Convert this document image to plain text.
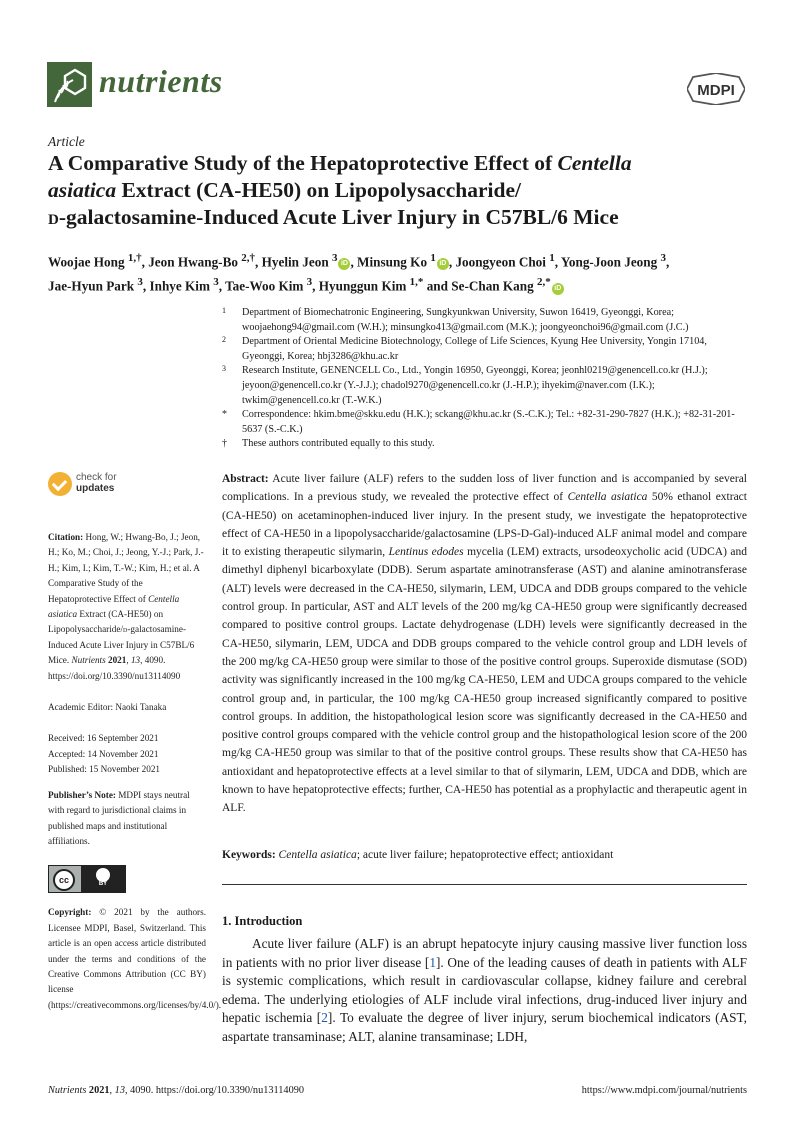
nutrients	MDPI
Article
A Comparative Study of the Hepatoprotective Effect of Centella
asiatica Extract (CA-HE50) on Lipopolysaccharide/
d-galactosamine-Induced Acute Liver Injury in C57BL/6 Mice
Woojae Hong $^{1,\dagger}$, Jeon Hwang-Bo $^{2,\dagger}$, Hyelin Jeon $^3$ iD , Minsung Ko $^1$ iD , Joongyeon Choi $^1$, Yong-Joon Jeong $^3$,
Jae-Hyun Park $^3$, Inhye Kim $^3$, Tae-Woo Kim $^3$, Hyunggun Kim $^{1,*}$ and Se-Chan Kang $^{2,*}$ iD
1 Department of Biomechatronic Engineering, Sungkyunkwan University, Suwon 16419, Gyeonggi, Korea; woojaehong94@gmail.com (W.H.); minsungko413@gmail.com (M.K.); joongyeonchoi96@gmail.com (J.C.)
2 Department of Oriental Medicine Biotechnology, College of Life Sciences, Kyung Hee University, Yongin 17104, Gyeonggi, Korea; hbj3286@khu.ac.kr
3 Research Institute, GENENCELL Co., Ltd., Yongin 16950, Gyeonggi, Korea; jeonhl0219@genencell.co.kr (H.J.); jeyoon@genencell.co.kr (Y.-J.J.); chadol9270@genencell.co.kr (J.-H.P.); ihyekim@naver.com (I.K.); twkim@genencell.co.kr (T.-W.K.)
* Correspondence: hkim.bme@skku.edu (H.K.); sckang@khu.ac.kr (S.-C.K.); Tel.: +82-31-290-7827 (H.K.); +82-31-201-5637 (S.-C.K.)
† These authors contributed equally to this study.
check for
updates

Citation: Hong, W.; Hwang-Bo, J.; Jeon, H.; Ko, M.; Choi, J.; Jeong, Y.-J.; Park, J.-H.; Kim, I.; Kim, T.-W.; Kim, H.; et al. A Comparative Study of the Hepatoprotective Effect of Centella asiatica Extract (CA-HE50) on Lipopolysaccharide/d-galactosamine-Induced Acute Liver Injury in C57BL/6 Mice. Nutrients 2021, 13, 4090. https://doi.org/10.3390/nu13114090

Academic Editor: Naoki Tanaka

Received: 16 September 2021
Accepted: 14 November 2021
Published: 15 November 2021

Publisher’s Note: MDPI stays neutral with regard to jurisdictional claims in published maps and institutional affiliations.

cc	BY

Copyright: © 2021 by the authors. Licensee MDPI, Basel, Switzerland. This article is an open access article distributed under the terms and conditions of the Creative Commons Attribution (CC BY) license (https://creativecommons.org/licenses/by/4.0/).

Abstract: Acute liver failure (ALF) refers to the sudden loss of liver function and is accompanied by several complications. In a previous study, we revealed the protective effect of Centella asiatica 50% ethanol extract (CA-HE50) on acetaminophen-induced liver injury. In the present study, we investigate the hepatoprotective effect of CA-HE50 in a lipopolysaccharide/galactosamine (LPS-D-Gal)-induced ALF animal model and compare it to existing therapeutic silymarin, Lentinus edodes mycelia (LEM) extracts, ursodeoxycholic acid (UDCA) and dimethyl diphenyl bicarboxylate (DDB). Serum aspartate aminotransferase (AST) and alanine aminotransferase (ALT) levels were decreased in the CA-HE50, silymarin, LEM, UDCA and DDB groups compared to the vehicle control group. In particular, AST and ALT levels of the 200 mg/kg CA-HE50 group were significantly decreased compared to positive control groups. Lactate dehydrogenase (LDH) levels were significantly decreased in the CA-HE50, silymarin, LEM, UDCA and DDB groups compared to the vehicle control group and LDH levels of the 200 mg/kg CA-HE50 group were similar to those of the positive control groups. Superoxide dismutase (SOD) activity was significantly increased in the 100 mg/kg CA-HE50, LEM and UDCA groups compared to the vehicle control group and, in particular, the 100 mg/kg CA-HE50 group increased significantly compared to positive control groups. In addition, the histopathological lesion score was significantly decreased in the CA-HE50 and positive control groups compared with the vehicle control group and the histopathological lesion score of the 200 mg/kg CA-HE50 group was similar to that of the positive control groups. These results show that CA-HE50 has antioxidant and hepatoprotective effects at a level similar to that of silymarin, LEM, UDCA and DDB, which are known to have hepatoprotective effects; further, CA-HE50 has potential as a prophylactic and therapeutic agent in ALF.
Keywords: Centella asiatica; acute liver failure; hepatoprotective effect; antioxidant
1. Introduction
Acute liver failure (ALF) is an abrupt hepatocyte injury causing massive liver function loss in patients with no prior liver disease [1]. One of the leading causes of death in patients with ALF is systemic complications, which result in cardiovascular collapse, kidney failure and cerebral edema. The underlying etiologies of ALF include viral infections, drug-induced liver injury and hepatic ischemia [2]. To evaluate the degree of liver injury, serum biochemical indicators (AST, aspartate transaminase; ALT, alanine transaminase; LDH,
Nutrients 2021, 13, 4090. https://doi.org/10.3390/nu13114090	https://www.mdpi.com/journal/nutrients
